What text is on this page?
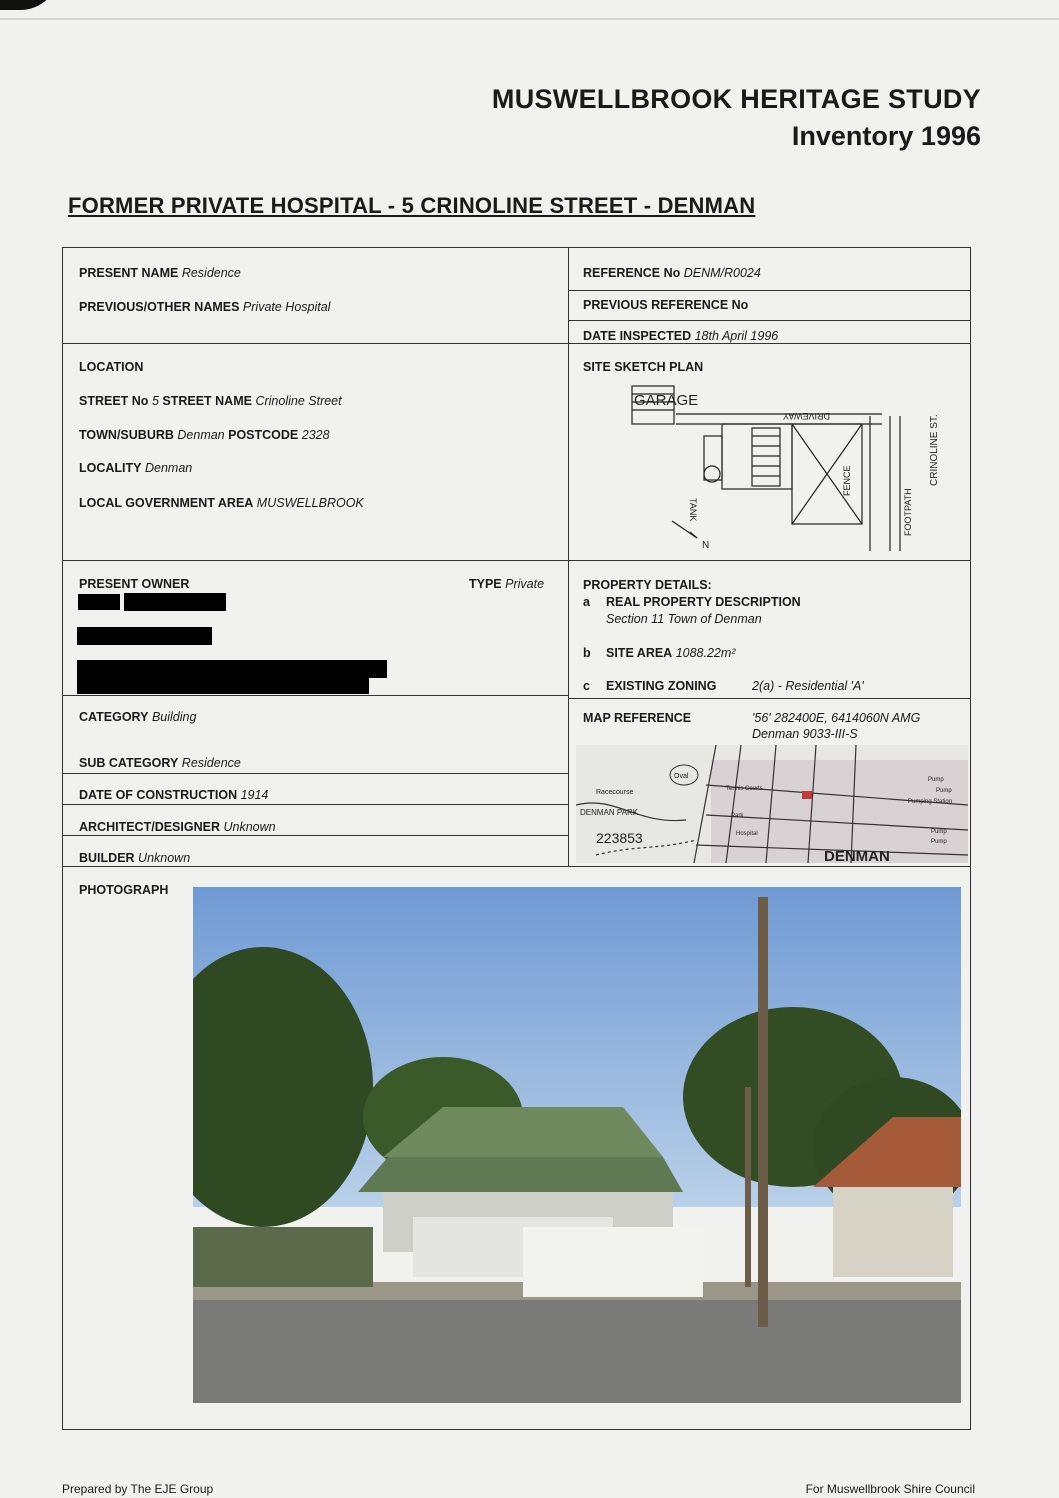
MUSWELLBROOK HERITAGE STUDY
Inventory 1996
FORMER PRIVATE HOSPITAL - 5 CRINOLINE STREET - DENMAN
PRESENT NAME Residence
PREVIOUS/OTHER NAMES Private Hospital
REFERENCE No DENM/R0024
PREVIOUS REFERENCE No
DATE INSPECTED 18th April 1996
LOCATION
STREET No 5 STREET NAME Crinoline Street
TOWN/SUBURB Denman POSTCODE 2328
LOCALITY Denman
LOCAL GOVERNMENT AREA MUSWELLBROOK
SITE SKETCH PLAN
GARAGE
DRIVEWAY
TANK
FENCE
FOOTPATH
CRINOLINE ST.
N
PRESENT OWNER	TYPE Private	PROPERTY DETAILS:
a REAL PROPERTY DESCRIPTION
Section 11 Town of Denman
b SITE AREA 1088.22m²
c EXISTING ZONING	2(a) - Residential 'A'
CATEGORY Building
SUB CATEGORY Residence
DATE OF CONSTRUCTION 1914
ARCHITECT/DESIGNER Unknown
BUILDER Unknown
MAP REFERENCE	'56' 282400E, 6414060N AMG
Denman 9033-III-S
Oval
Racecourse
DENMAN PARK
Tennis Courts
Park
Hospital
Pump
Pump
Pumping Station
Pump
Pump
223853
DENMAN
PHOTOGRAPH
Prepared by The EJE Group	For Muswellbrook Shire Council
